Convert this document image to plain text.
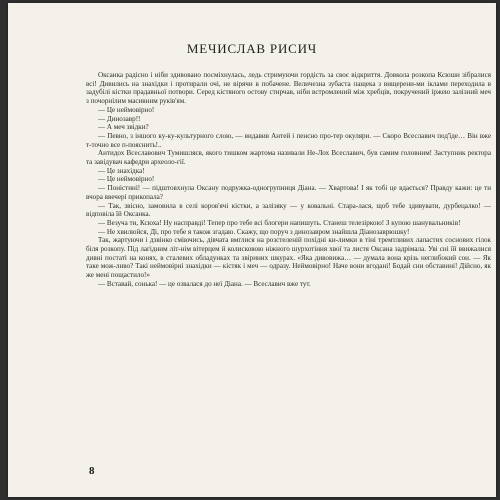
МЕЧИСЛАВ РИСИЧ

Оксанка радісно і ніби здивовано посміхнулась, ледь стримуючи гордість за своє відкриття. Довкола розкопа Ксюши зібралися всі! Дивились на знахідки і протирали очі, не вірячи в побачене. Величезна зубаста пащека з вищерени-ми іклами переходила в задубілі кістки прадавньої потвори. Серед кістяного остову стирчав, ніби встромлений між хребців, покручений іржею залізний меч з почорнілим масивним руків'ям.

— Це неймовірно!

— Динозавр!!

— А меч звідки?

— Певно, з іншого ку-ку-культурного слою, — видавив Антей і пенсно про-тер окуляри. — Скоро Всеславич под'їде… Він вже т-точно все п-пояснить!..

Антидох Всеславович Тумишляєв, якого тишком жартома називали Не-Лох Всеславич, був самим головним! Заступник ректора та завідувач кафедри археоло-гії.

— Це знахідка!

— Це неймовірно!

— Поністині! — підштовхнула Оксану подружка-одногрупниця Діана. — Хвартова! І як тобі це вдається? Правду кажи: це ти вчора ввечері прикопала?

— Так, звісно, замовила в селі коров'ячі кістки, а залізяку — у ковальні. Стара-лася, щоб тебе здивувати, дурбецалко! — відповіла їй Оксанка.

— Везуча ти, Ксюха! Ну насправді! Тепер про тебе всі блогери напишуть. Станеш телезіркою! З купою шанувальників!

— Не хвилюйся, Ді, про тебе я також згадаю. Скажу, що поруч з динозавром знайшла Діанозаврюшку!

Так, жартуючи і дзвінко сміючись, дівчата вмглися на розстеленій похідні ки-лимки в тіні тремтливих лапастих соснових гілок біля розкопу. Під лагідним літ-нім вітерцем й колисковою ніжного шурхотіння хвої та листя Оксана задрімала. Уві сні їй ввижалися дивні постаті на конях, в сталевих обладунках та звіриних шкурах. «Яка дивовижа… — думала вона крізь неглибокий сон. — Як таке мож-ливо? Такі неймовірні знахідки — кістяк і меч — одразу. Неймовірно! Наче вони вгодані! Бодай сни обставині! Дійсно, як же мені пощастило!»

— Вставай, сонька! — це озвалася до неї Діана. — Всеславич вже тут.

8
